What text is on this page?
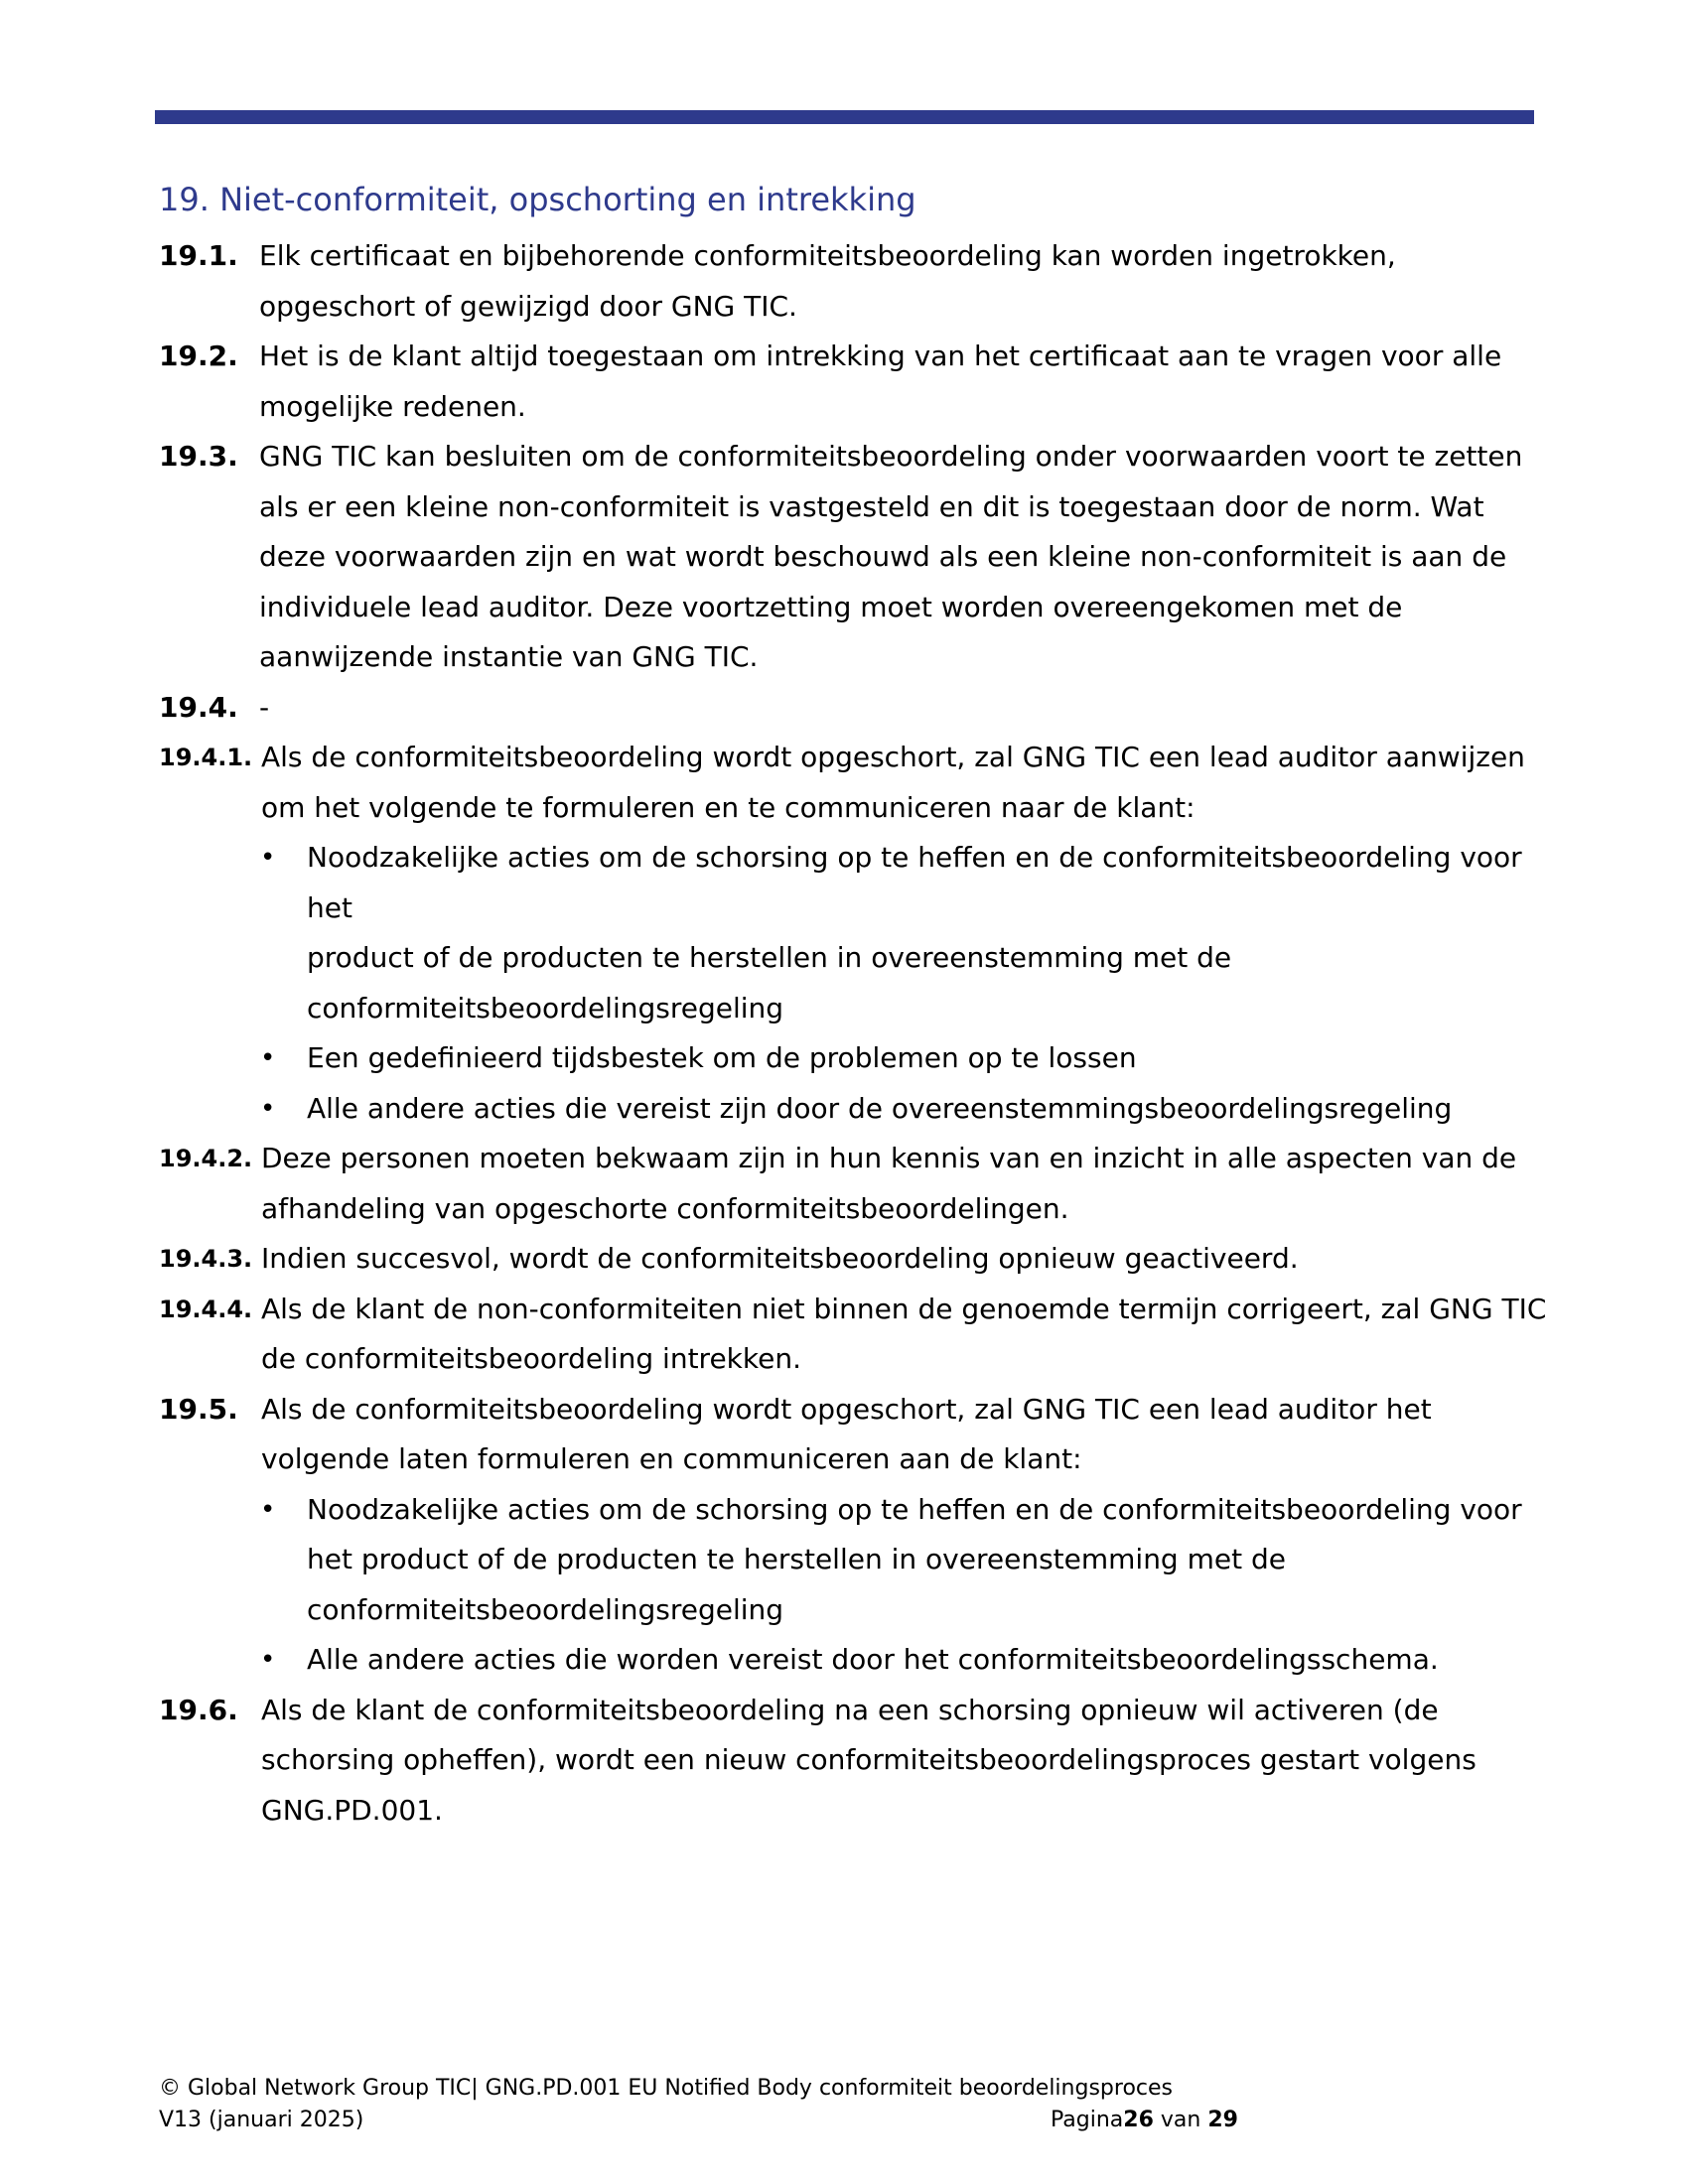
19. Niet-conformiteit, opschorting en intrekking
19.1. Elk certificaat en bijbehorende conformiteitsbeoordeling kan worden ingetrokken,
opgeschort of gewijzigd door GNG TIC.
19.2. Het is de klant altijd toegestaan om intrekking van het certificaat aan te vragen voor alle
mogelijke redenen.
19.3. GNG TIC kan besluiten om de conformiteitsbeoordeling onder voorwaarden voort te zetten
als er een kleine non-conformiteit is vastgesteld en dit is toegestaan door de norm. Wat
deze voorwaarden zijn en wat wordt beschouwd als een kleine non-conformiteit is aan de
individuele lead auditor. Deze voortzetting moet worden overeengekomen met de
aanwijzende instantie van GNG TIC.
19.4. -
19.4.1. Als de conformiteitsbeoordeling wordt opgeschort, zal GNG TIC een lead auditor aanwijzen
om het volgende te formuleren en te communiceren naar de klant:
• Noodzakelijke acties om de schorsing op te heffen en de conformiteitsbeoordeling voor het
product of de producten te herstellen in overeenstemming met de
conformiteitsbeoordelingsregeling
• Een gedefinieerd tijdsbestek om de problemen op te lossen
• Alle andere acties die vereist zijn door de overeenstemmingsbeoordelingsregeling
19.4.2. Deze personen moeten bekwaam zijn in hun kennis van en inzicht in alle aspecten van de
afhandeling van opgeschorte conformiteitsbeoordelingen.
19.4.3. Indien succesvol, wordt de conformiteitsbeoordeling opnieuw geactiveerd.
19.4.4. Als de klant de non-conformiteiten niet binnen de genoemde termijn corrigeert, zal GNG TIC
de conformiteitsbeoordeling intrekken.
19.5. Als de conformiteitsbeoordeling wordt opgeschort, zal GNG TIC een lead auditor het
volgende laten formuleren en communiceren aan de klant:
• Noodzakelijke acties om de schorsing op te heffen en de conformiteitsbeoordeling voor
het product of de producten te herstellen in overeenstemming met de
conformiteitsbeoordelingsregeling
• Alle andere acties die worden vereist door het conformiteitsbeoordelingsschema.
19.6. Als de klant de conformiteitsbeoordeling na een schorsing opnieuw wil activeren (de
schorsing opheffen), wordt een nieuw conformiteitsbeoordelingsproces gestart volgens
GNG.PD.001.
© Global Network Group TIC| GNG.PD.001 EU Notified Body conformiteit beoordelingsproces
V13 (januari 2025)	Pagina26 van 29
